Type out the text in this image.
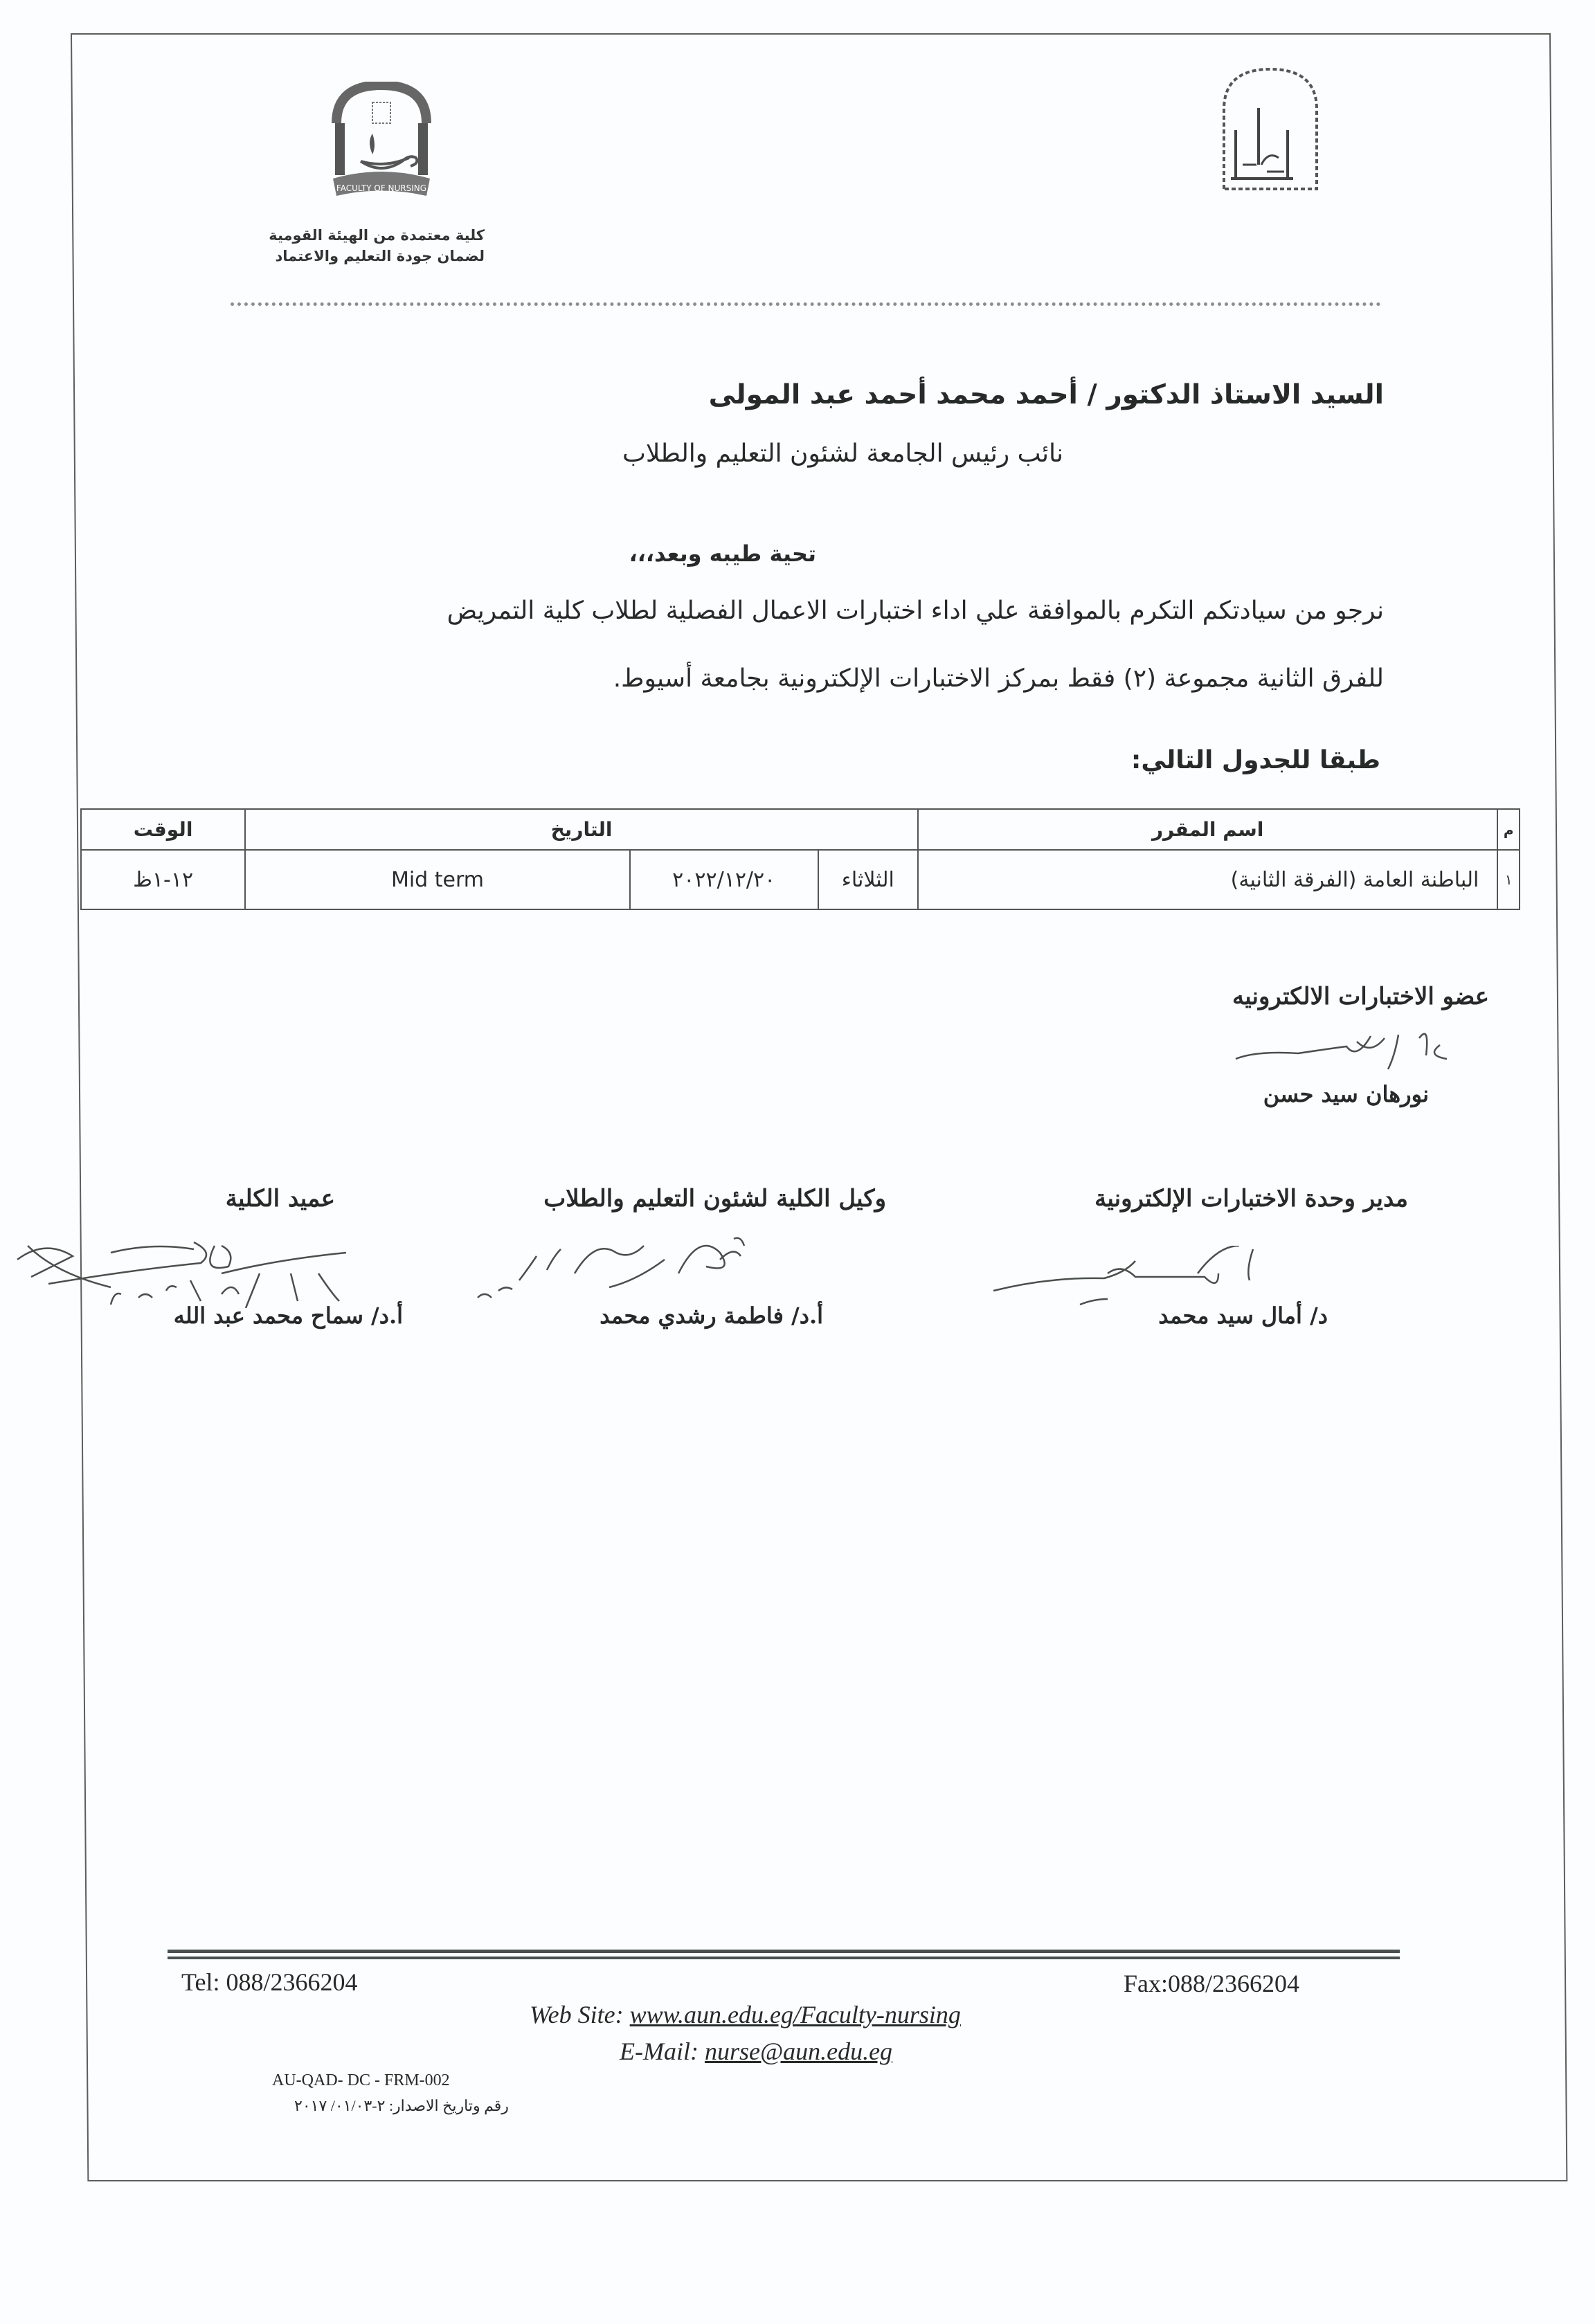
FACULTY OF NURSING
كلية معتمدة من الهيئة القومية
لضمان جودة التعليم والاعتماد
السيد الاستاذ الدكتور / أحمد محمد أحمد عبد المولى
نائب رئيس الجامعة لشئون التعليم والطلاب
تحية طيبه وبعد،،،
نرجو من سيادتكم التكرم بالموافقة علي اداء اختبارات الاعمال الفصلية لطلاب كلية التمريض
للفرق الثانية مجموعة (٢) فقط بمركز الاختبارات الإلكترونية بجامعة أسيوط.
طبقا للجدول التالي:
م	اسم المقرر	التاريخ			الوقت
١	الباطنة العامة (الفرقة الثانية)	الثلاثاء	٢٠٢٢/١٢/٢٠	Mid term	١٢-١ظ
عضو الاختبارات الالكترونيه
نورهان سيد حسن
مدير وحدة الاختبارات الإلكترونية
د/ أمال سيد محمد
وكيل الكلية لشئون التعليم والطلاب
أ.د/ فاطمة رشدي محمد
عميد الكلية
أ.د/ سماح محمد عبد الله
Tel: 088/2366204	Fax:088/2366204
Web Site: www.aun.edu.eg/Faculty-nursing
E-Mail: nurse@aun.edu.eg
AU-QAD- DC - FRM-002
رقم وتاريخ الاصدار: ٢-٠١/٠٣/ ٢٠١٧
